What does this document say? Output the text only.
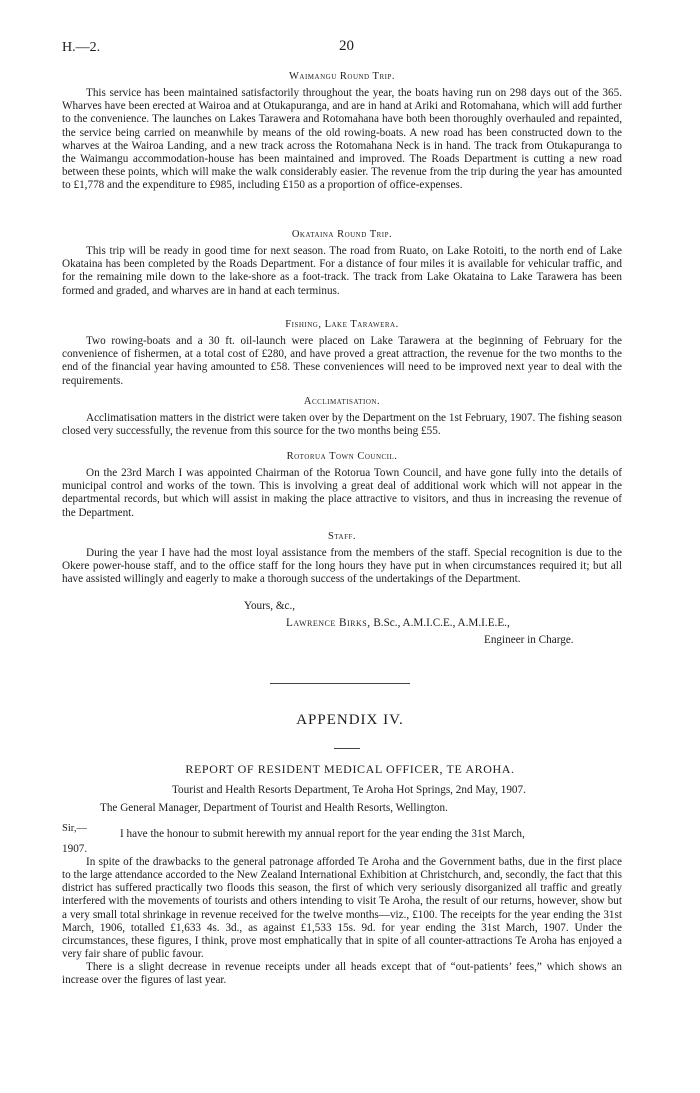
H.—2.	20
Waimangu Round Trip.

This service has been maintained satisfactorily throughout the year, the boats having run on 298 days out of the 365. Wharves have been erected at Wairoa and at Otukapuranga, and are in hand at Ariki and Rotomahana, which will add further to the convenience. The launches on Lakes Tarawera and Rotomahana have both been thoroughly overhauled and repainted, the service being carried on meanwhile by means of the old rowing-boats. A new road has been constructed down to the wharves at the Wairoa Landing, and a new track across the Rotomahana Neck is in hand. The track from Otukapuranga to the Waimangu accommodation-house has been maintained and improved. The Roads Department is cutting a new road between these points, which will make the walk considerably easier. The revenue from the trip during the year has amounted to £1,778 and the expenditure to £985, including £150 as a proportion of office-expenses.

Okataina Round Trip.

This trip will be ready in good time for next season. The road from Ruato, on Lake Rotoiti, to the north end of Lake Okataina has been completed by the Roads Department. For a distance of four miles it is available for vehicular traffic, and for the remaining mile down to the lake-shore as a foot-track. The track from Lake Okataina to Lake Tarawera has been formed and graded, and wharves are in hand at each terminus.

Fishing, Lake Tarawera.

Two rowing-boats and a 30 ft. oil-launch were placed on Lake Tarawera at the beginning of February for the convenience of fishermen, at a total cost of £280, and have proved a great attraction, the revenue for the two months to the end of the financial year having amounted to £58. These conveniences will need to be improved next year to deal with the requirements.

Acclimatisation.

Acclimatisation matters in the district were taken over by the Department on the 1st February, 1907. The fishing season closed very successfully, the revenue from this source for the two months being £55.

Rotorua Town Council.

On the 23rd March I was appointed Chairman of the Rotorua Town Council, and have gone fully into the details of municipal control and works of the town. This is involving a great deal of additional work which will not appear in the departmental records, but which will assist in making the place attractive to visitors, and thus in increasing the revenue of the Department.

Staff.

During the year I have had the most loyal assistance from the members of the staff. Special recognition is due to the Okere power-house staff, and to the office staff for the long hours they have put in when circumstances required it; but all have assisted willingly and eagerly to make a thorough success of the undertakings of the Department.

Yours, &c.,
Lawrence Birks, B.Sc., A.M.I.C.E., A.M.I.E.E.,
Engineer in Charge.
APPENDIX IV.
REPORT OF RESIDENT MEDICAL OFFICER, TE AROHA.
Tourist and Health Resorts Department, Te Aroha Hot Springs, 2nd May, 1907.
The General Manager, Department of Tourist and Health Resorts, Wellington.
Sir,—	I have the honour to submit herewith my annual report for the year ending the 31st March,
1907.

In spite of the drawbacks to the general patronage afforded Te Aroha and the Government baths, due in the first place to the large attendance accorded to the New Zealand International Exhibition at Christchurch, and, secondly, the fact that this district has suffered practically two floods this season, the first of which very seriously disorganized all traffic and greatly interfered with the movements of tourists and others intending to visit Te Aroha, the result of our returns, however, show but a very small total shrinkage in revenue received for the twelve months—viz., £100. The receipts for the year ending the 31st March, 1906, totalled £1,633 4s. 3d., as against £1,533 15s. 9d. for year ending the 31st March, 1907. Under the circumstances, these figures, I think, prove most emphatically that in spite of all counter-attractions Te Aroha has enjoyed a very fair share of public favour.

There is a slight decrease in revenue receipts under all heads except that of “out-patients’ fees,” which shows an increase over the figures of last year.
